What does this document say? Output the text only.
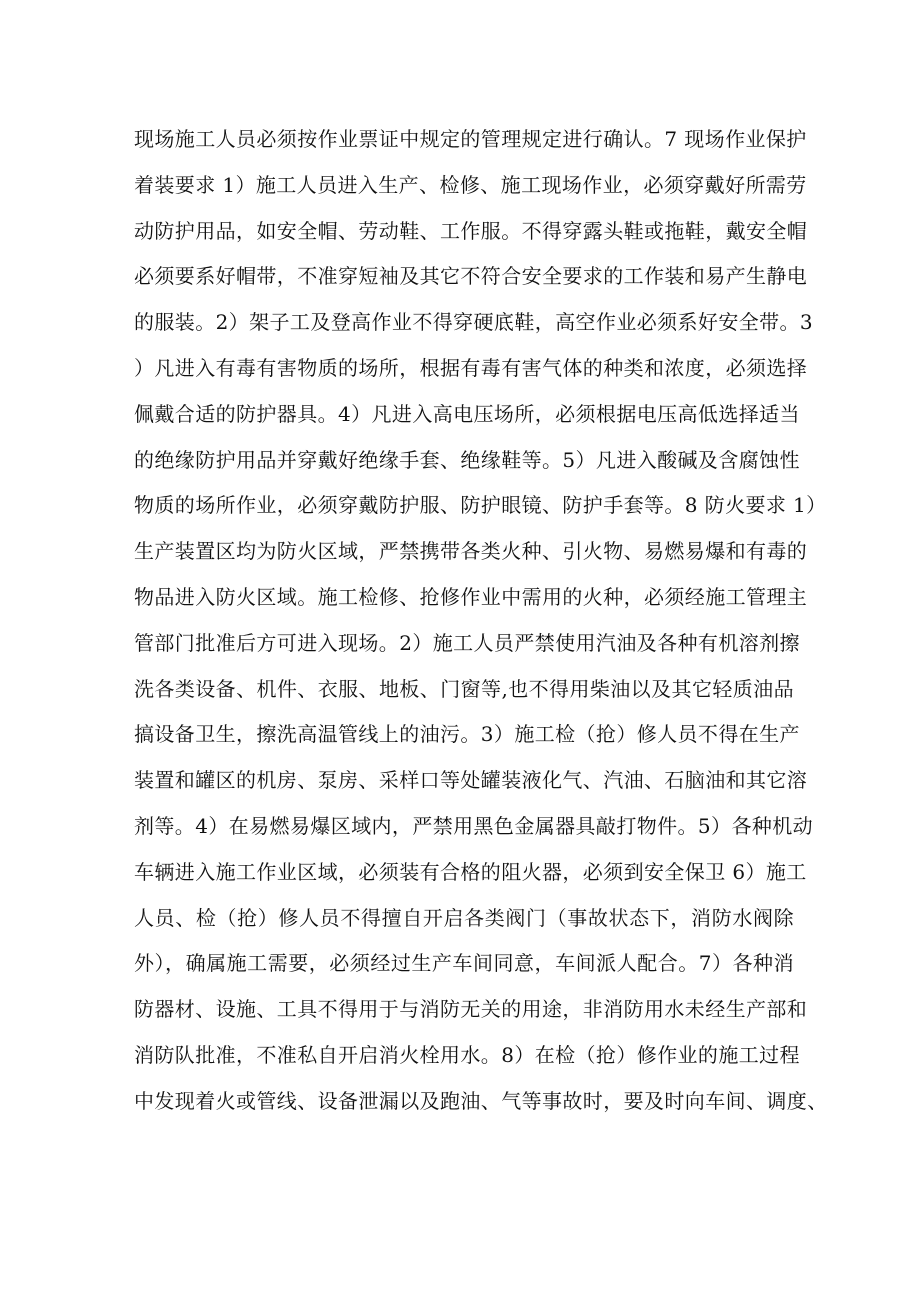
现场施工人员必须按作业票证中规定的管理规定进行确认。7 现场作业保护
着装要求 1）施工人员进入生产、检修、施工现场作业，必须穿戴好所需劳
动防护用品，如安全帽、劳动鞋、工作服。不得穿露头鞋或拖鞋，戴安全帽
必须要系好帽带，不准穿短袖及其它不符合安全要求的工作装和易产生静电
的服装。2）架子工及登高作业不得穿硬底鞋，高空作业必须系好安全带。3
）凡进入有毒有害物质的场所，根据有毒有害气体的种类和浓度，必须选择
佩戴合适的防护器具。4）凡进入高电压场所，必须根据电压高低选择适当
的绝缘防护用品并穿戴好绝缘手套、绝缘鞋等。5）凡进入酸碱及含腐蚀性
物质的场所作业，必须穿戴防护服、防护眼镜、防护手套等。8 防火要求 1）
生产装置区均为防火区域，严禁携带各类火种、引火物、易燃易爆和有毒的
物品进入防火区域。施工检修、抢修作业中需用的火种，必须经施工管理主
管部门批准后方可进入现场。2）施工人员严禁使用汽油及各种有机溶剂擦
洗各类设备、机件、衣服、地板、门窗等,也不得用柴油以及其它轻质油品
搞设备卫生，擦洗高温管线上的油污。3）施工检（抢）修人员不得在生产
装置和罐区的机房、泵房、采样口等处罐装液化气、汽油、石脑油和其它溶
剂等。4）在易燃易爆区域内，严禁用黑色金属器具敲打物件。5）各种机动
车辆进入施工作业区域，必须装有合格的阻火器，必须到安全保卫 6）施工
人员、检（抢）修人员不得擅自开启各类阀门（事故状态下，消防水阀除
外），确属施工需要，必须经过生产车间同意，车间派人配合。7）各种消
防器材、设施、工具不得用于与消防无关的用途，非消防用水未经生产部和
消防队批准，不准私自开启消火栓用水。8）在检（抢）修作业的施工过程
中发现着火或管线、设备泄漏以及跑油、气等事故时，要及时向车间、调度、
